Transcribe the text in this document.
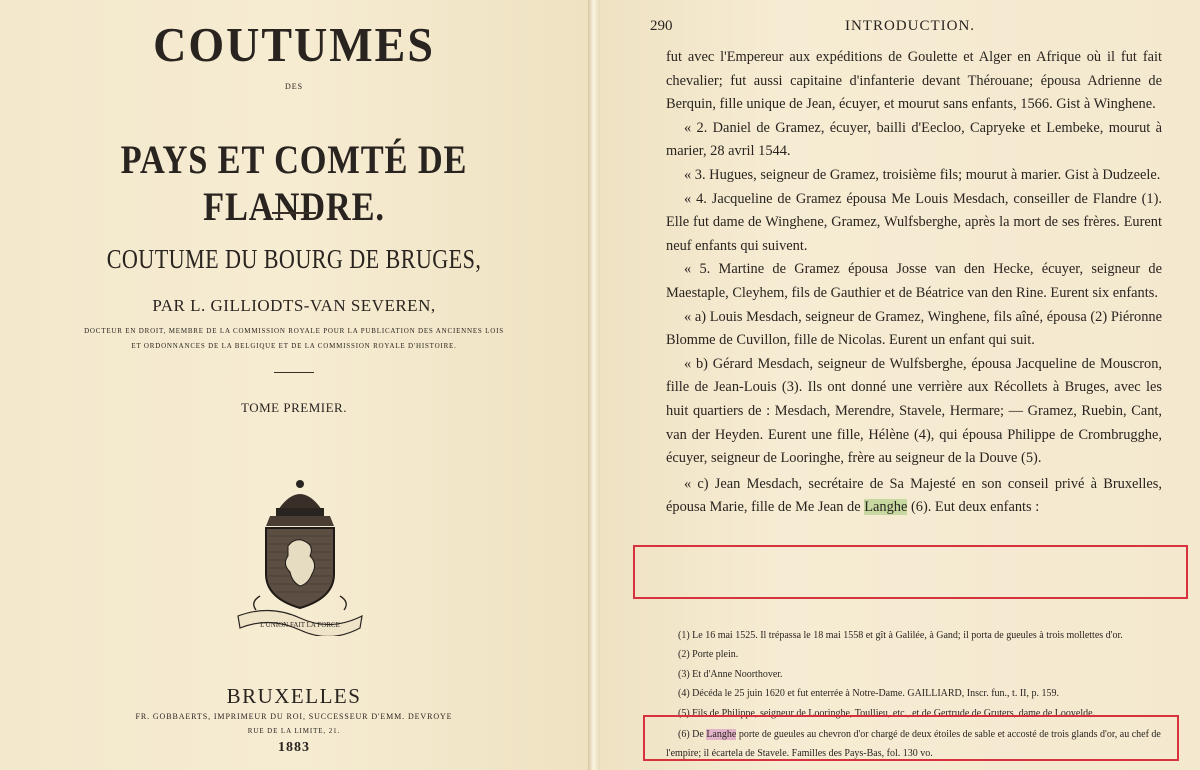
COUTUMES
DES
PAYS ET COMTÉ DE FLANDRE.
COUTUME DU BOURG DE BRUGES,
PAR L. GILLIODTS-VAN SEVEREN,
DOCTEUR EN DROIT, MEMBRE DE LA COMMISSION ROYALE POUR LA PUBLICATION DES ANCIENNES LOIS
ET ORDONNANCES DE LA BELGIQUE ET DE LA COMMISSION ROYALE D'HISTOIRE.
TOME PREMIER.
L'UNION FAIT LA FORCE
BRUXELLES
FR. GOBBAERTS, IMPRIMEUR DU ROI, SUCCESSEUR D'EMM. DEVROYE
RUE DE LA LIMITE, 21.
1883
290	INTRODUCTION.

fut avec l'Empereur aux expéditions de Goulette et Alger en Afrique où il fut fait chevalier; fut aussi capitaine d'infanterie devant Thérouane; épousa Adrienne de Berquin, fille unique de Jean, écuyer, et mourut sans enfants, 1566. Gist à Winghene.

« 2. Daniel de Gramez, écuyer, bailli d'Eecloo, Capryeke et Lembeke, mourut à marier, 28 avril 1544.

« 3. Hugues, seigneur de Gramez, troisième fils; mourut à marier. Gist à Dudzeele.

« 4. Jacqueline de Gramez épousa Me Louis Mesdach, conseiller de Flandre (1). Elle fut dame de Winghene, Gramez, Wulfsberghe, après la mort de ses frères. Eurent neuf enfants qui suivent.

« 5. Martine de Gramez épousa Josse van den Hecke, écuyer, seigneur de Maestaple, Cleyhem, fils de Gauthier et de Béatrice van den Rine. Eurent six enfants.

« a) Louis Mesdach, seigneur de Gramez, Winghene, fils aîné, épousa (2) Piéronne Blomme de Cuvillon, fille de Nicolas. Eurent un enfant qui suit.

« b) Gérard Mesdach, seigneur de Wulfsberghe, épousa Jacqueline de Mouscron, fille de Jean-Louis (3). Ils ont donné une verrière aux Récollets à Bruges, avec les huit quartiers de : Mesdach, Merendre, Stavele, Hermare; — Gramez, Ruebin, Cant, van der Heyden. Eurent une fille, Hélène (4), qui épousa Philippe de Crombrugghe, écuyer, seigneur de Looringhe, frère au seigneur de la Douve (5).

« c) Jean Mesdach, secrétaire de Sa Majesté en son conseil privé à Bruxelles, épousa Marie, fille de Me Jean de Langhe (6). Eut deux enfants :

(1) Le 16 mai 1525. Il trépassa le 18 mai 1558 et gît à Galilée, à Gand; il porta de gueules à trois mollettes d'or.

(2) Porte plein.

(3) Et d'Anne Noorthover.

(4) Décéda le 25 juin 1620 et fut enterrée à Notre-Dame. GAILLIARD, Inscr. fun., t. II, p. 159.

(5) Fils de Philippe, seigneur de Looringhe, Toullieu, etc., et de Gertrude de Gruters, dame de Looveldе.

(6) De Langhe porte de gueules au chevron d'or chargé de deux étoiles de sable et accosté de trois glands d'or, au chef de l'empire; il écartela de Stavele. Familles des Pays-Bas, fol. 130 vo.
